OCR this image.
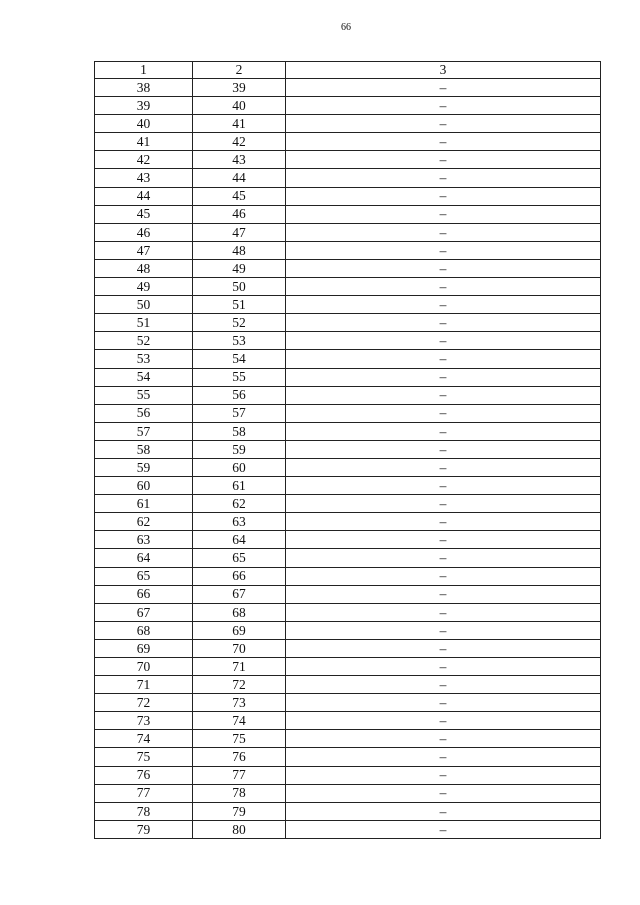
66
1	2	3
38	39	–
39	40	–
40	41	–
41	42	–
42	43	–
43	44	–
44	45	–
45	46	–
46	47	–
47	48	–
48	49	–
49	50	–
50	51	–
51	52	–
52	53	–
53	54	–
54	55	–
55	56	–
56	57	–
57	58	–
58	59	–
59	60	–
60	61	–
61	62	–
62	63	–
63	64	–
64	65	–
65	66	–
66	67	–
67	68	–
68	69	–
69	70	–
70	71	–
71	72	–
72	73	–
73	74	–
74	75	–
75	76	–
76	77	–
77	78	–
78	79	–
79	80	–
